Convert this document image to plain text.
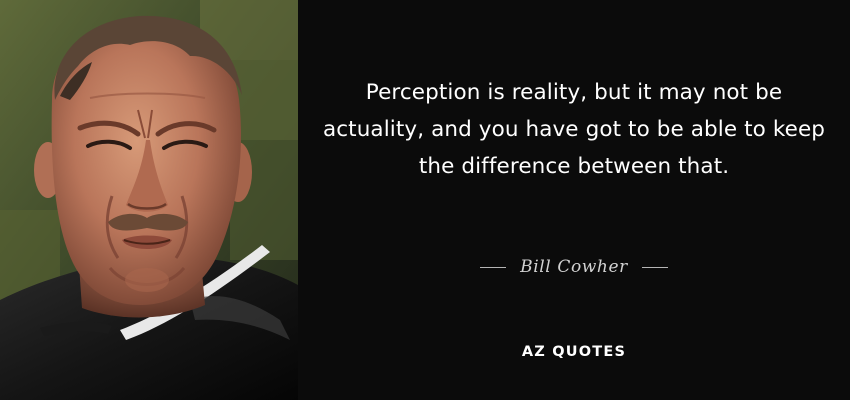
Perception is reality, but it may not be actuality, and you have got to be able to keep the difference between that.

Bill Cowher
AZ QUOTES
